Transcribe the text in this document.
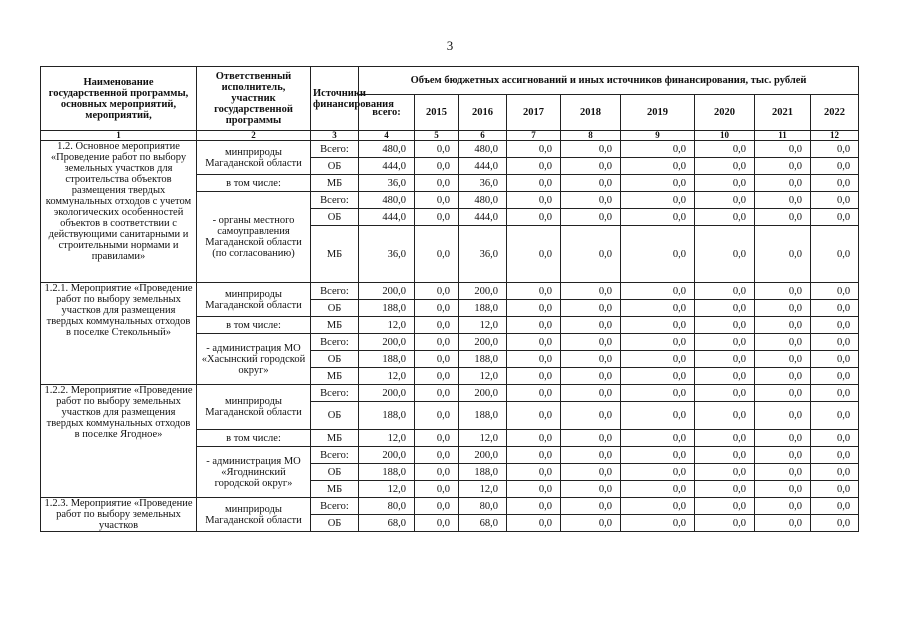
3
Наименование государственной программы, основных мероприятий, мероприятий,	Ответственный исполнитель, участник государственной программы	Источники финансирования	Объем бюджетных ассигнований и иных источников финансирования, тыс. рублей								
			всего:	2015	2016	2017	2018	2019	2020	2021	2022
1	2	3	4	5	6	7	8	9	10	11	12
1.2. Основное мероприятие «Проведение работ по выбору земельных участков для строительства объектов размещения твердых коммунальных отходов с учетом экологических особенностей объектов в соответствии с действующими санитарными и строительными нормами и правилами»	минприроды Магаданской области	Всего:	480,0	0,0	480,0	0,0	0,0	0,0	0,0	0,0	0,0
		ОБ	444,0	0,0	444,0	0,0	0,0	0,0	0,0	0,0	0,0
	в том числе:	МБ	36,0	0,0	36,0	0,0	0,0	0,0	0,0	0,0	0,0
	- органы местного самоуправления Магаданской области (по согласованию)	Всего:	480,0	0,0	480,0	0,0	0,0	0,0	0,0	0,0	0,0
		ОБ	444,0	0,0	444,0	0,0	0,0	0,0	0,0	0,0	0,0
		МБ	36,0	0,0	36,0	0,0	0,0	0,0	0,0	0,0	0,0
1.2.1. Мероприятие «Проведение работ по выбору земельных участков для размещения твердых коммунальных отходов в поселке Стекольный»	минприроды Магаданской области	Всего:	200,0	0,0	200,0	0,0	0,0	0,0	0,0	0,0	0,0
		ОБ	188,0	0,0	188,0	0,0	0,0	0,0	0,0	0,0	0,0
	в том числе:	МБ	12,0	0,0	12,0	0,0	0,0	0,0	0,0	0,0	0,0
	- администрация МО «Хасынский городской округ»	Всего:	200,0	0,0	200,0	0,0	0,0	0,0	0,0	0,0	0,0
		ОБ	188,0	0,0	188,0	0,0	0,0	0,0	0,0	0,0	0,0
		МБ	12,0	0,0	12,0	0,0	0,0	0,0	0,0	0,0	0,0
1.2.2. Мероприятие «Проведение работ по выбору земельных участков для размещения твердых коммунальных отходов в поселке Ягодное»	минприроды Магаданской области	Всего:	200,0	0,0	200,0	0,0	0,0	0,0	0,0	0,0	0,0
		ОБ	188,0	0,0	188,0	0,0	0,0	0,0	0,0	0,0	0,0
	в том числе:	МБ	12,0	0,0	12,0	0,0	0,0	0,0	0,0	0,0	0,0
	- администрация МО «Ягоднинский городской округ»	Всего:	200,0	0,0	200,0	0,0	0,0	0,0	0,0	0,0	0,0
		ОБ	188,0	0,0	188,0	0,0	0,0	0,0	0,0	0,0	0,0
		МБ	12,0	0,0	12,0	0,0	0,0	0,0	0,0	0,0	0,0
1.2.3. Мероприятие «Проведение работ по выбору земельных участков	минприроды Магаданской области	Всего:	80,0	0,0	80,0	0,0	0,0	0,0	0,0	0,0	0,0
		ОБ	68,0	0,0	68,0	0,0	0,0	0,0	0,0	0,0	0,0
